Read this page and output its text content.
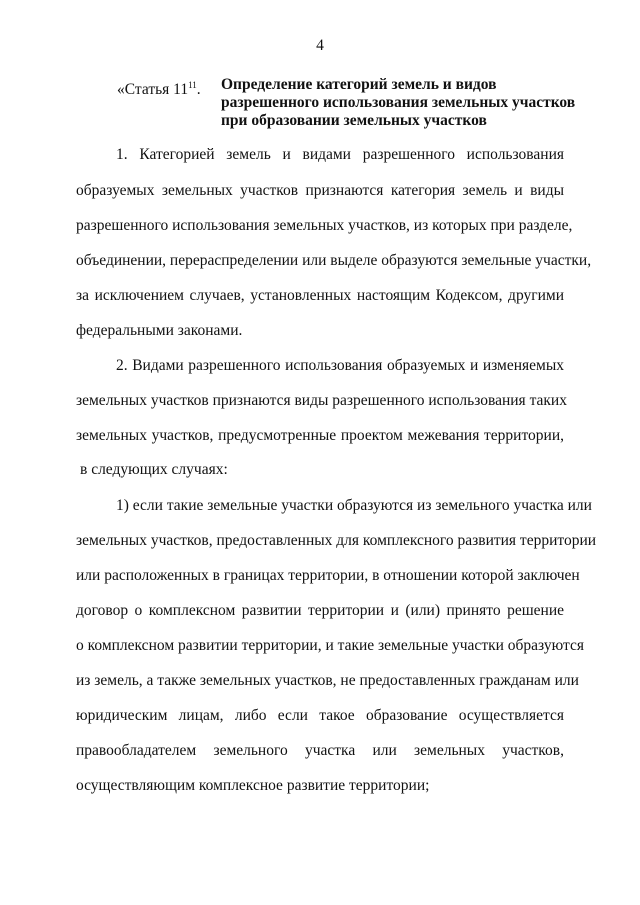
4
«Статья $11^{11}$. Определение категорий земель и видов
разрешенного использования земельных участков
при образовании земельных участков
1. Категорией земель и видами разрешенного использования
образуемых земельных участков признаются категория земель и виды
разрешенного использования земельных участков, из которых при разделе,
объединении, перераспределении или выделе образуются земельные участки,
за исключением случаев, установленных настоящим Кодексом, другими
федеральными законами.
2. Видами разрешенного использования образуемых и изменяемых
земельных участков признаются виды разрешенного использования таких
земельных участков, предусмотренные проектом межевания территории,
в следующих случаях:
1) если такие земельные участки образуются из земельного участка или
земельных участков, предоставленных для комплексного развития территории
или расположенных в границах территории, в отношении которой заключен
договор о комплексном развитии территории и (или) принято решение
о комплексном развитии территории, и такие земельные участки образуются
из земель, а также земельных участков, не предоставленных гражданам или
юридическим лицам, либо если такое образование осуществляется
правообладателем земельного участка или земельных участков,
осуществляющим комплексное развитие территории;
